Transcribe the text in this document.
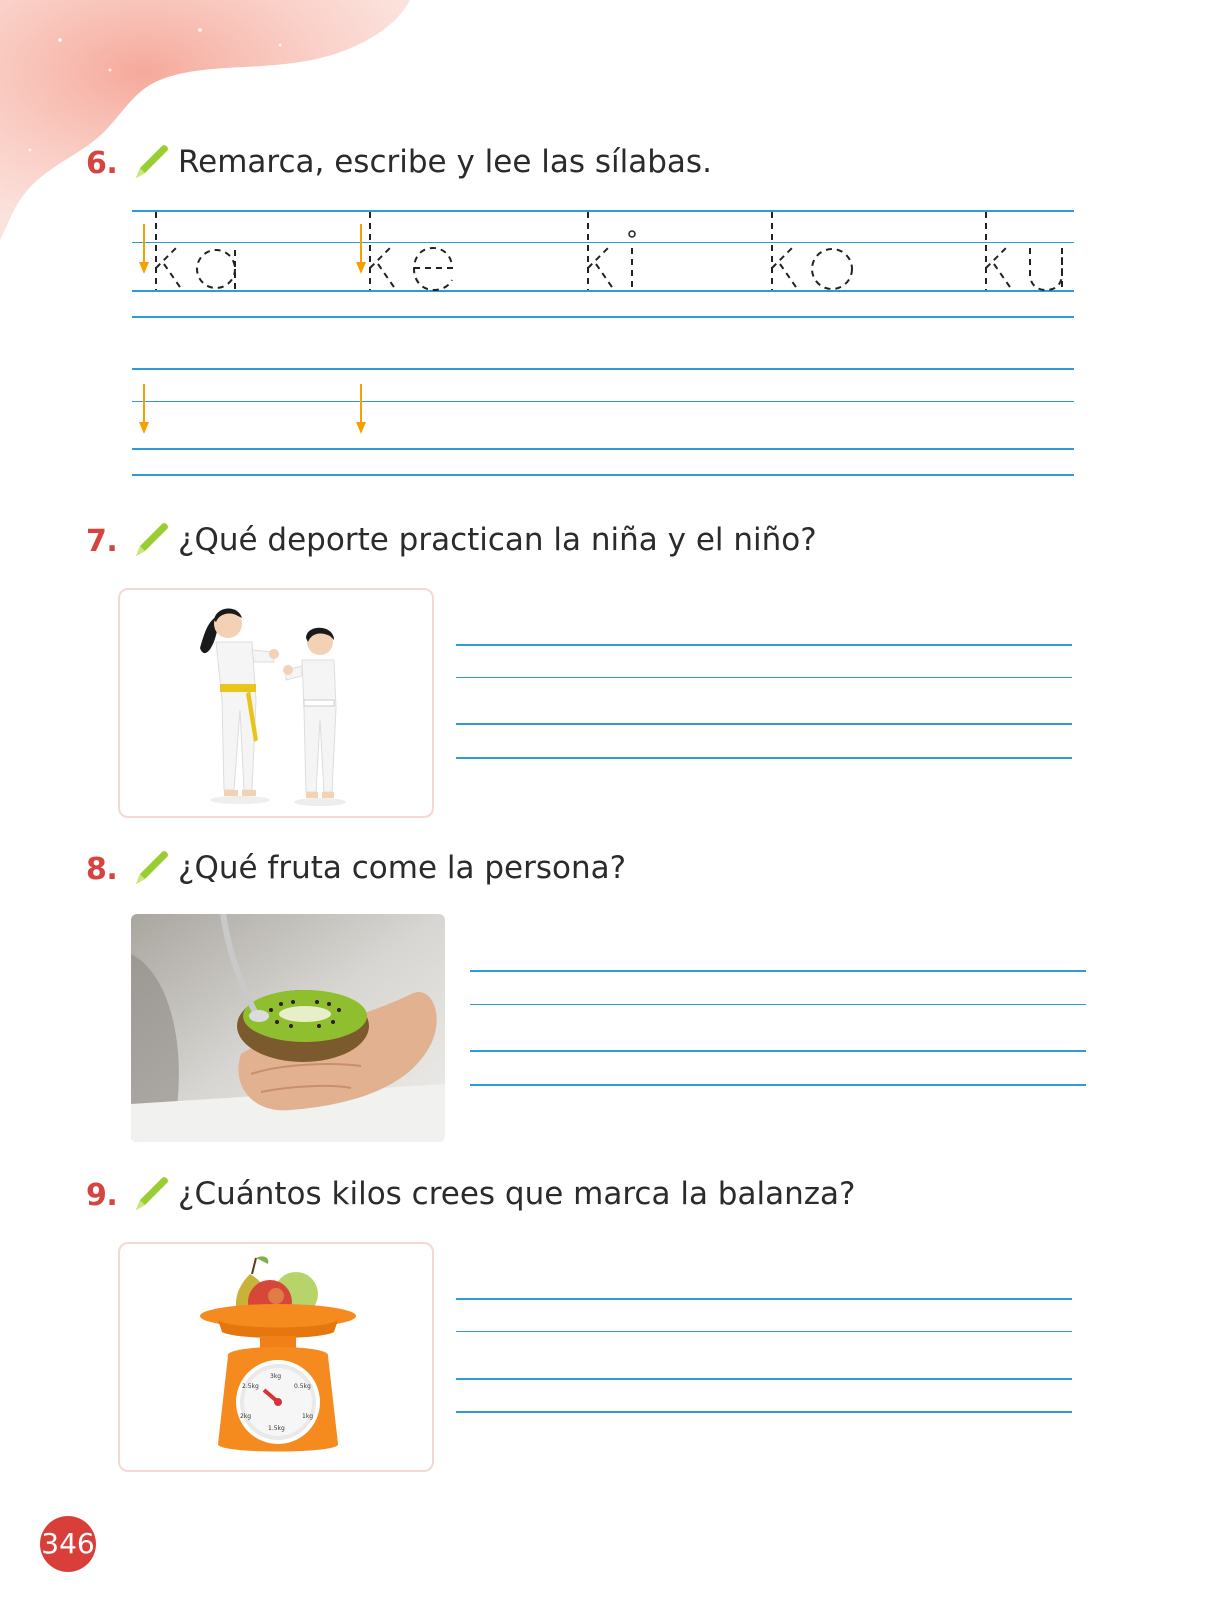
6. Remarca, escribe y lee las sílabas.
7. ¿Qué deporte practican la niña y el niño?
8. ¿Qué fruta come la persona?
9. ¿Cuántos kilos crees que marca la balanza?
3kg
2.5kg	0.5kg
2kg	1kg
1.5kg
346
